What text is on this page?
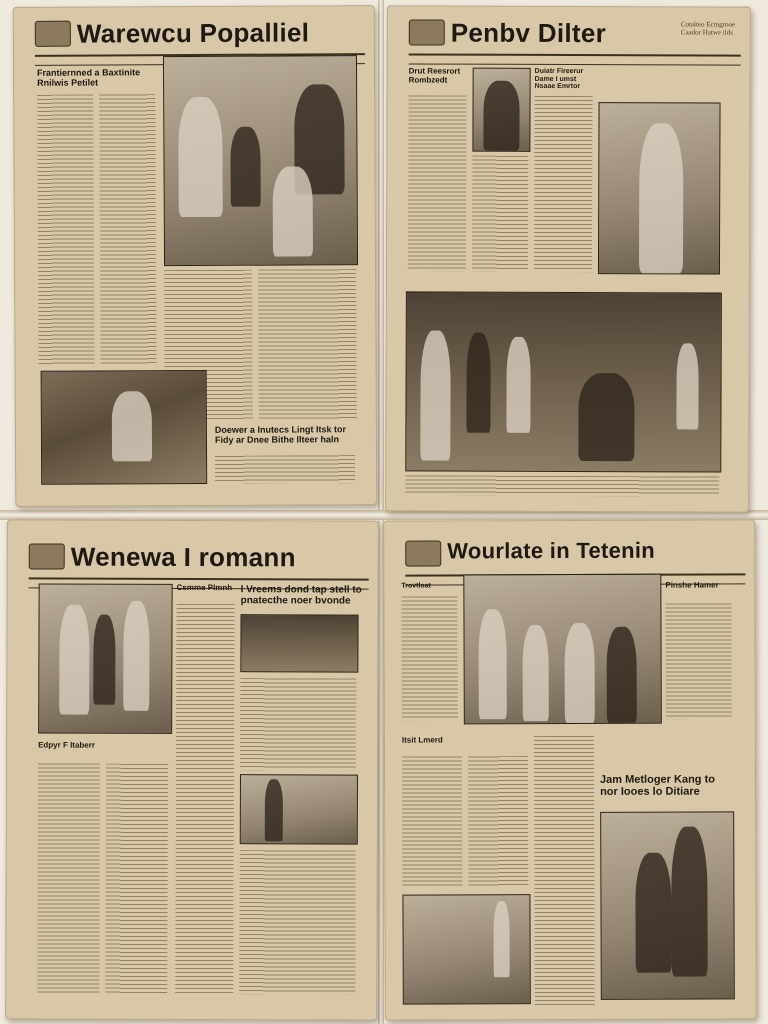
Warewcu Popalliel
Frantiernned a Baxtinite Rnilwis Petilet
Doewer a Inutecs Lingt Itsk tor Fidy ar Dnee Bithe Ilteer haln
Penbv Dilter	Cotalteo Ecmgrooe Caador Hatwe ilds
Drut Reesrort Rombzedt
Duiatr Fireerur Dame I umst Nsaae Emrtor
Wenewa I romann
Csmme Plmnh I Vreems dond tap stell to pnatecthe noer bvonde
Edpyr F Itaberr
Wourlate in Tetenin
Trovtloat	Pinshe Hamer
Itsit Lmerd
Jam Metloger Kang to nor Iooes lo Ditiare
